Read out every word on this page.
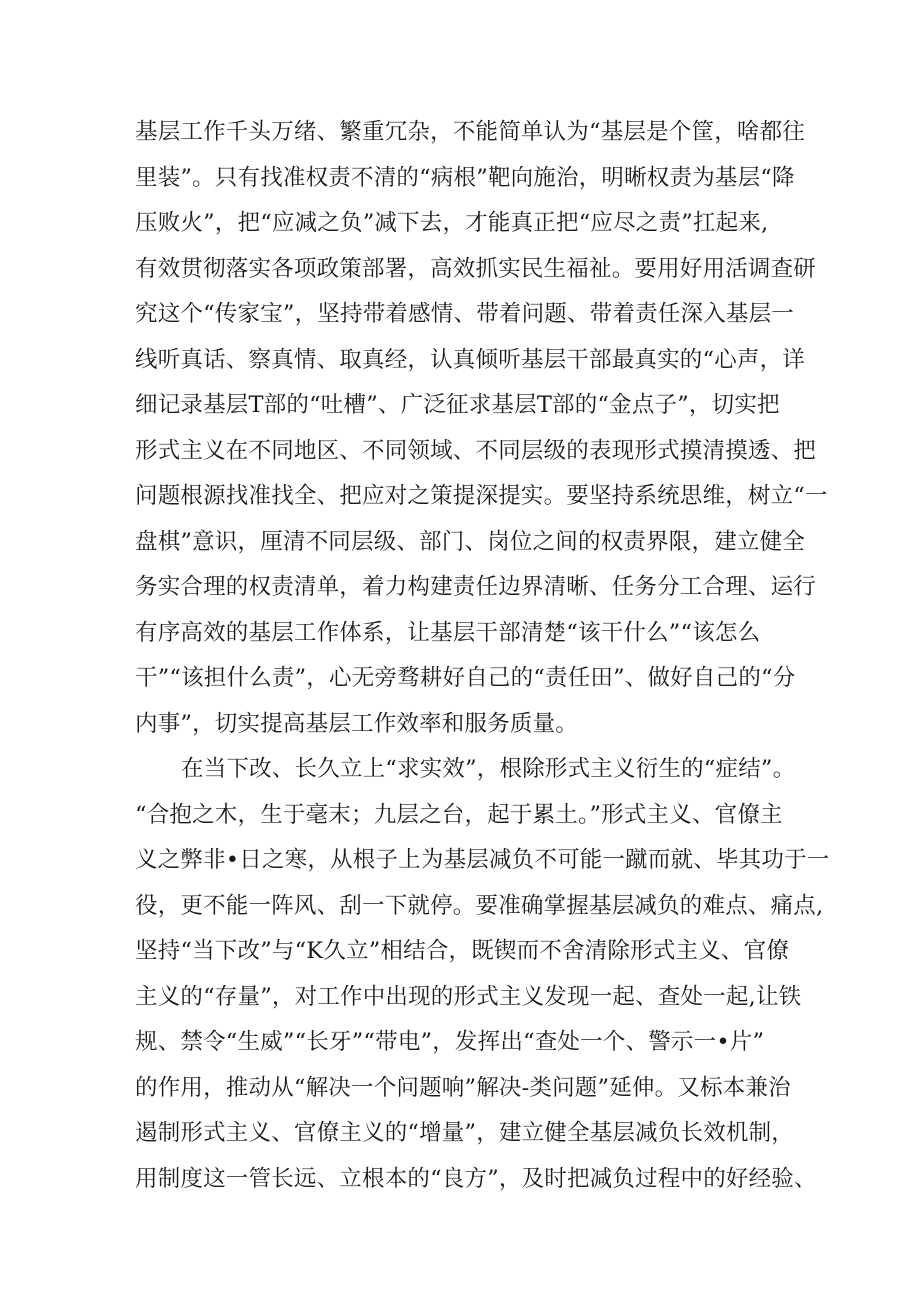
基层工作千头万绪、繁重冗杂，不能简单认为“基层是个筐，啥都往
里装”。只有找准权责不清的“病根”靶向施治，明晰权责为基层“降
压败火”，把“应减之负”减下去，才能真正把“应尽之责”扛起来,
有效贯彻落实各项政策部署，高效抓实民生福祉。要用好用活调查研
究这个“传家宝”，坚持带着感情、带着问题、带着责任深入基层一
线听真话、察真情、取真经，认真倾听基层干部最真实的“心声，详
细记录基层T部的“吐槽”、广泛征求基层T部的“金点子”，切实把
形式主义在不同地区、不同领域、不同层级的表现形式摸清摸透、把
问题根源找准找全、把应对之策提深提实。要坚持系统思维，树立“一
盘棋”意识，厘清不同层级、部门、岗位之间的权责界限，建立健全
务实合理的权责清单，着力构建责任边界清晰、任务分工合理、运行
有序高效的基层工作体系，让基层干部清楚“该干什么”“该怎么
干”“该担什么责”，心无旁骛耕好自己的“责任田”、做好自己的“分
内事”，切实提高基层工作效率和服务质量。
在当下改、长久立上“求实效”，根除形式主义衍生的“症结”。
“合抱之木，生于毫末；九层之台，起于累土。”形式主义、官僚主
义之弊非•日之寒，从根子上为基层减负不可能一蹴而就、毕其功于一
役，更不能一阵风、刮一下就停。要准确掌握基层减负的难点、痛点,
坚持“当下改”与“K久立”相结合，既锲而不舍清除形式主义、官僚
主义的“存量”，对工作中出现的形式主义发现一起、查处一起,让铁
规、禁令“生威”“长牙”“带电”，发挥出“查处一个、警示一•片”
的作用，推动从“解决一个问题响”解决-类问题”延伸。又标本兼治
遏制形式主义、官僚主义的“增量”，建立健全基层减负长效机制，
用制度这一管长远、立根本的“良方”，及时把减负过程中的好经验、
